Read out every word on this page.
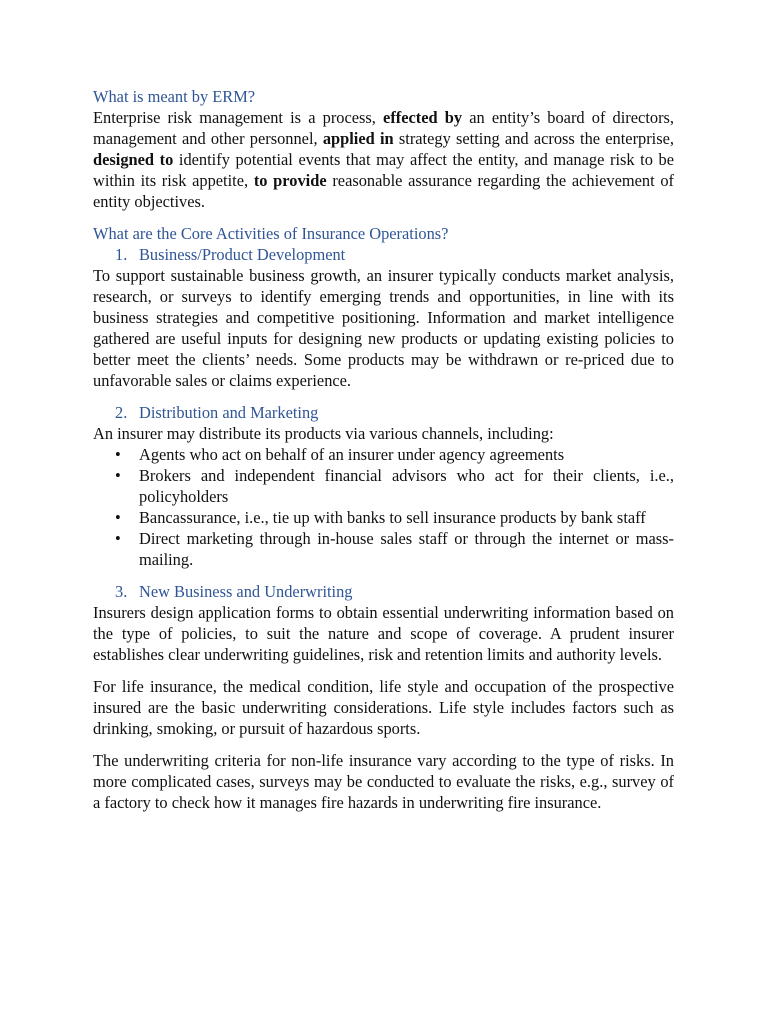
What is meant by ERM?

Enterprise risk management is a process, effected by an entity’s board of directors, management and other personnel, applied in strategy setting and across the enterprise, designed to identify potential events that may affect the entity, and manage risk to be within its risk appetite, to provide reasonable assurance regarding the achievement of entity objectives.

What are the Core Activities of Insurance Operations?
1. Business/Product Development

To support sustainable business growth, an insurer typically conducts market analysis, research, or surveys to identify emerging trends and opportunities, in line with its business strategies and competitive positioning. Information and market intelligence gathered are useful inputs for designing new products or updating existing policies to better meet the clients’ needs. Some products may be withdrawn or re-priced due to unfavorable sales or claims experience.

2. Distribution and Marketing

An insurer may distribute its products via various channels, including:

• Agents who act on behalf of an insurer under agency agreements
• Brokers and independent financial advisors who act for their clients, i.e., policyholders
• Bancassurance, i.e., tie up with banks to sell insurance products by bank staff
• Direct marketing through in-house sales staff or through the internet or mass-mailing.
3. New Business and Underwriting

Insurers design application forms to obtain essential underwriting information based on the type of policies, to suit the nature and scope of coverage. A prudent insurer establishes clear underwriting guidelines, risk and retention limits and authority levels.

For life insurance, the medical condition, life style and occupation of the prospective insured are the basic underwriting considerations. Life style includes factors such as drinking, smoking, or pursuit of hazardous sports.

The underwriting criteria for non-life insurance vary according to the type of risks. In more complicated cases, surveys may be conducted to evaluate the risks, e.g., survey of a factory to check how it manages fire hazards in underwriting fire insurance.
